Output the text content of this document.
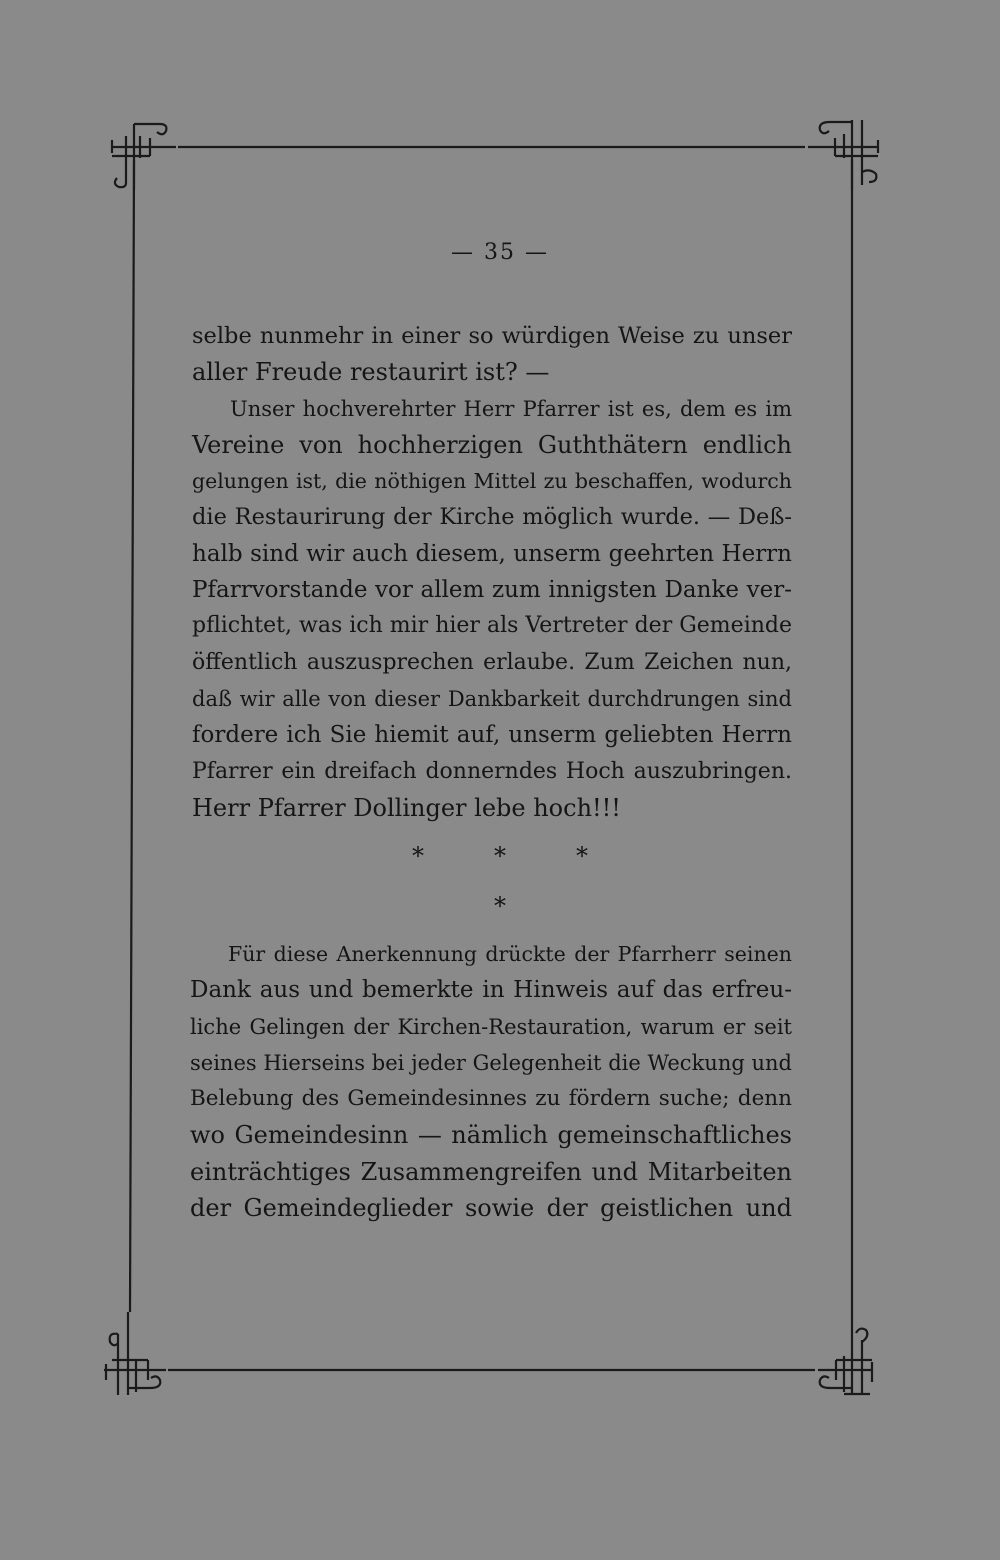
— 35 —
selbe nunmehr in einer so würdigen Weise zu unser
aller Freude restaurirt ist? —
Unser hochverehrter Herr Pfarrer ist es, dem es im
Vereine von hochherzigen Guththätern endlich
gelungen ist, die nöthigen Mittel zu beschaffen, wodurch
die Restaurirung der Kirche möglich wurde. — Deß-
halb sind wir auch diesem, unserm geehrten Herrn
Pfarrvorstande vor allem zum innigsten Danke ver-
pflichtet, was ich mir hier als Vertreter der Gemeinde
öffentlich auszusprechen erlaube. Zum Zeichen nun,
daß wir alle von dieser Dankbarkeit durchdrungen sind
fordere ich Sie hiemit auf, unserm geliebten Herrn
Pfarrer ein dreifach donnerndes Hoch auszubringen.
Herr Pfarrer Dollinger lebe hoch!!!
*	*	*
*
Für diese Anerkennung drückte der Pfarrherr seinen
Dank aus und bemerkte in Hinweis auf das erfreu-
liche Gelingen der Kirchen-Restauration, warum er seit
seines Hierseins bei jeder Gelegenheit die Weckung und
Belebung des Gemeindesinnes zu fördern suche; denn
wo Gemeindesinn — nämlich gemeinschaftliches
einträchtiges Zusammengreifen und Mitarbeiten
der Gemeindeglieder sowie der geistlichen und
